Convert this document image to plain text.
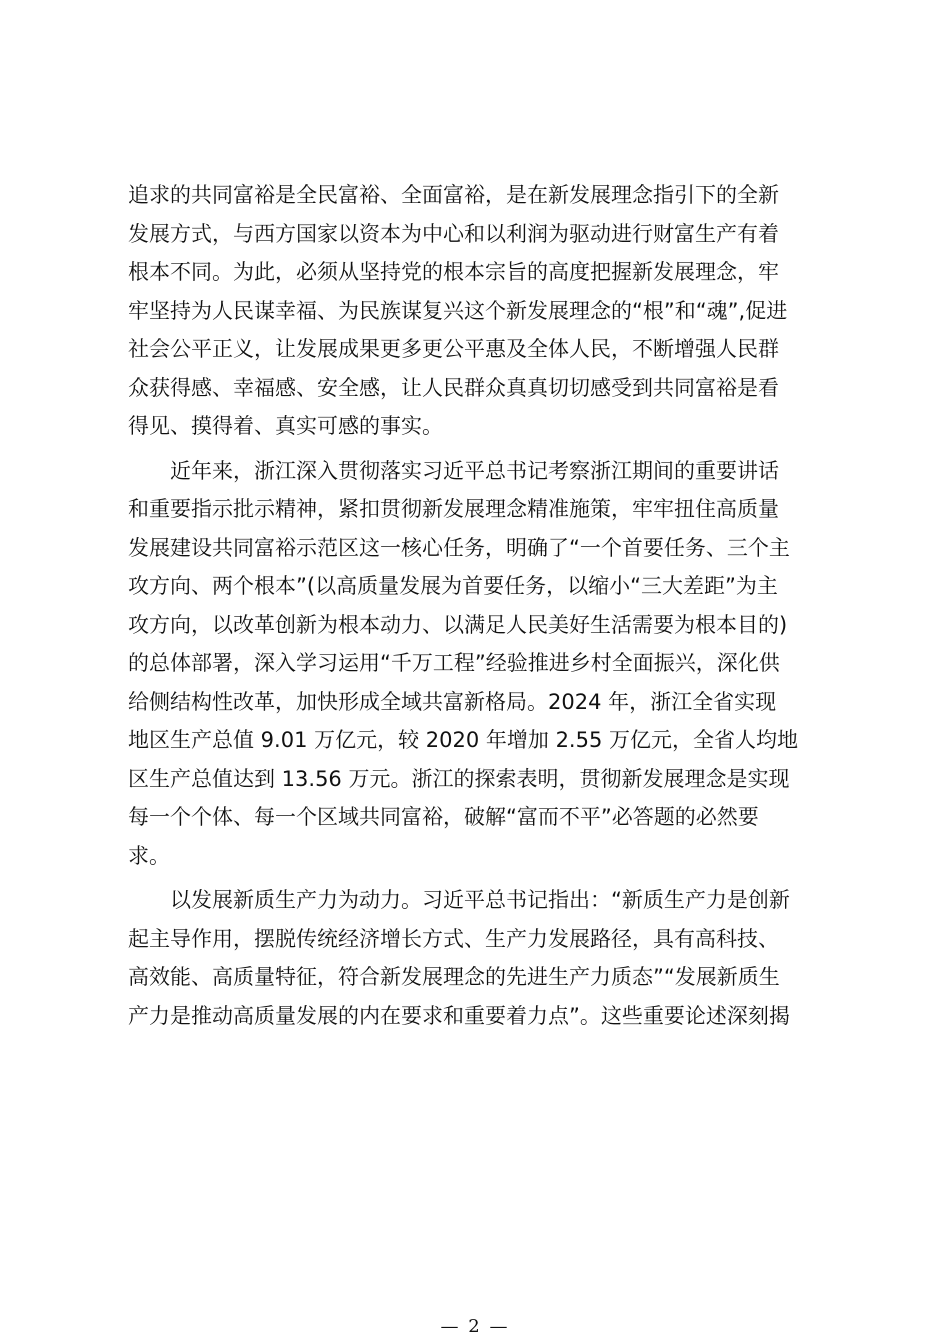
追求的共同富裕是全民富裕、全面富裕，是在新发展理念指引下的全新
发展方式，与西方国家以资本为中心和以利润为驱动进行财富生产有着
根本不同。为此，必须从坚持党的根本宗旨的高度把握新发展理念，牢
牢坚持为人民谋幸福、为民族谋复兴这个新发展理念的“根”和“魂”,促进
社会公平正义，让发展成果更多更公平惠及全体人民，不断增强人民群
众获得感、幸福感、安全感，让人民群众真真切切感受到共同富裕是看
得见、摸得着、真实可感的事实。
近年来，浙江深入贯彻落实习近平总书记考察浙江期间的重要讲话
和重要指示批示精神，紧扣贯彻新发展理念精准施策，牢牢扭住高质量
发展建设共同富裕示范区这一核心任务，明确了“一个首要任务、三个主
攻方向、两个根本”(以高质量发展为首要任务，以缩小“三大差距”为主
攻方向，以改革创新为根本动力、以满足人民美好生活需要为根本目的)
的总体部署，深入学习运用“千万工程”经验推进乡村全面振兴，深化供
给侧结构性改革，加快形成全域共富新格局。2024 年，浙江全省实现
地区生产总值 9.01 万亿元，较 2020 年增加 2.55 万亿元，全省人均地
区生产总值达到 13.56 万元。浙江的探索表明，贯彻新发展理念是实现
每一个个体、每一个区域共同富裕，破解“富而不平”必答题的必然要
求。
以发展新质生产力为动力。习近平总书记指出：“新质生产力是创新
起主导作用，摆脱传统经济增长方式、生产力发展路径，具有高科技、
高效能、高质量特征，符合新发展理念的先进生产力质态”“发展新质生
产力是推动高质量发展的内在要求和重要着力点”。这些重要论述深刻揭
— 2 —
